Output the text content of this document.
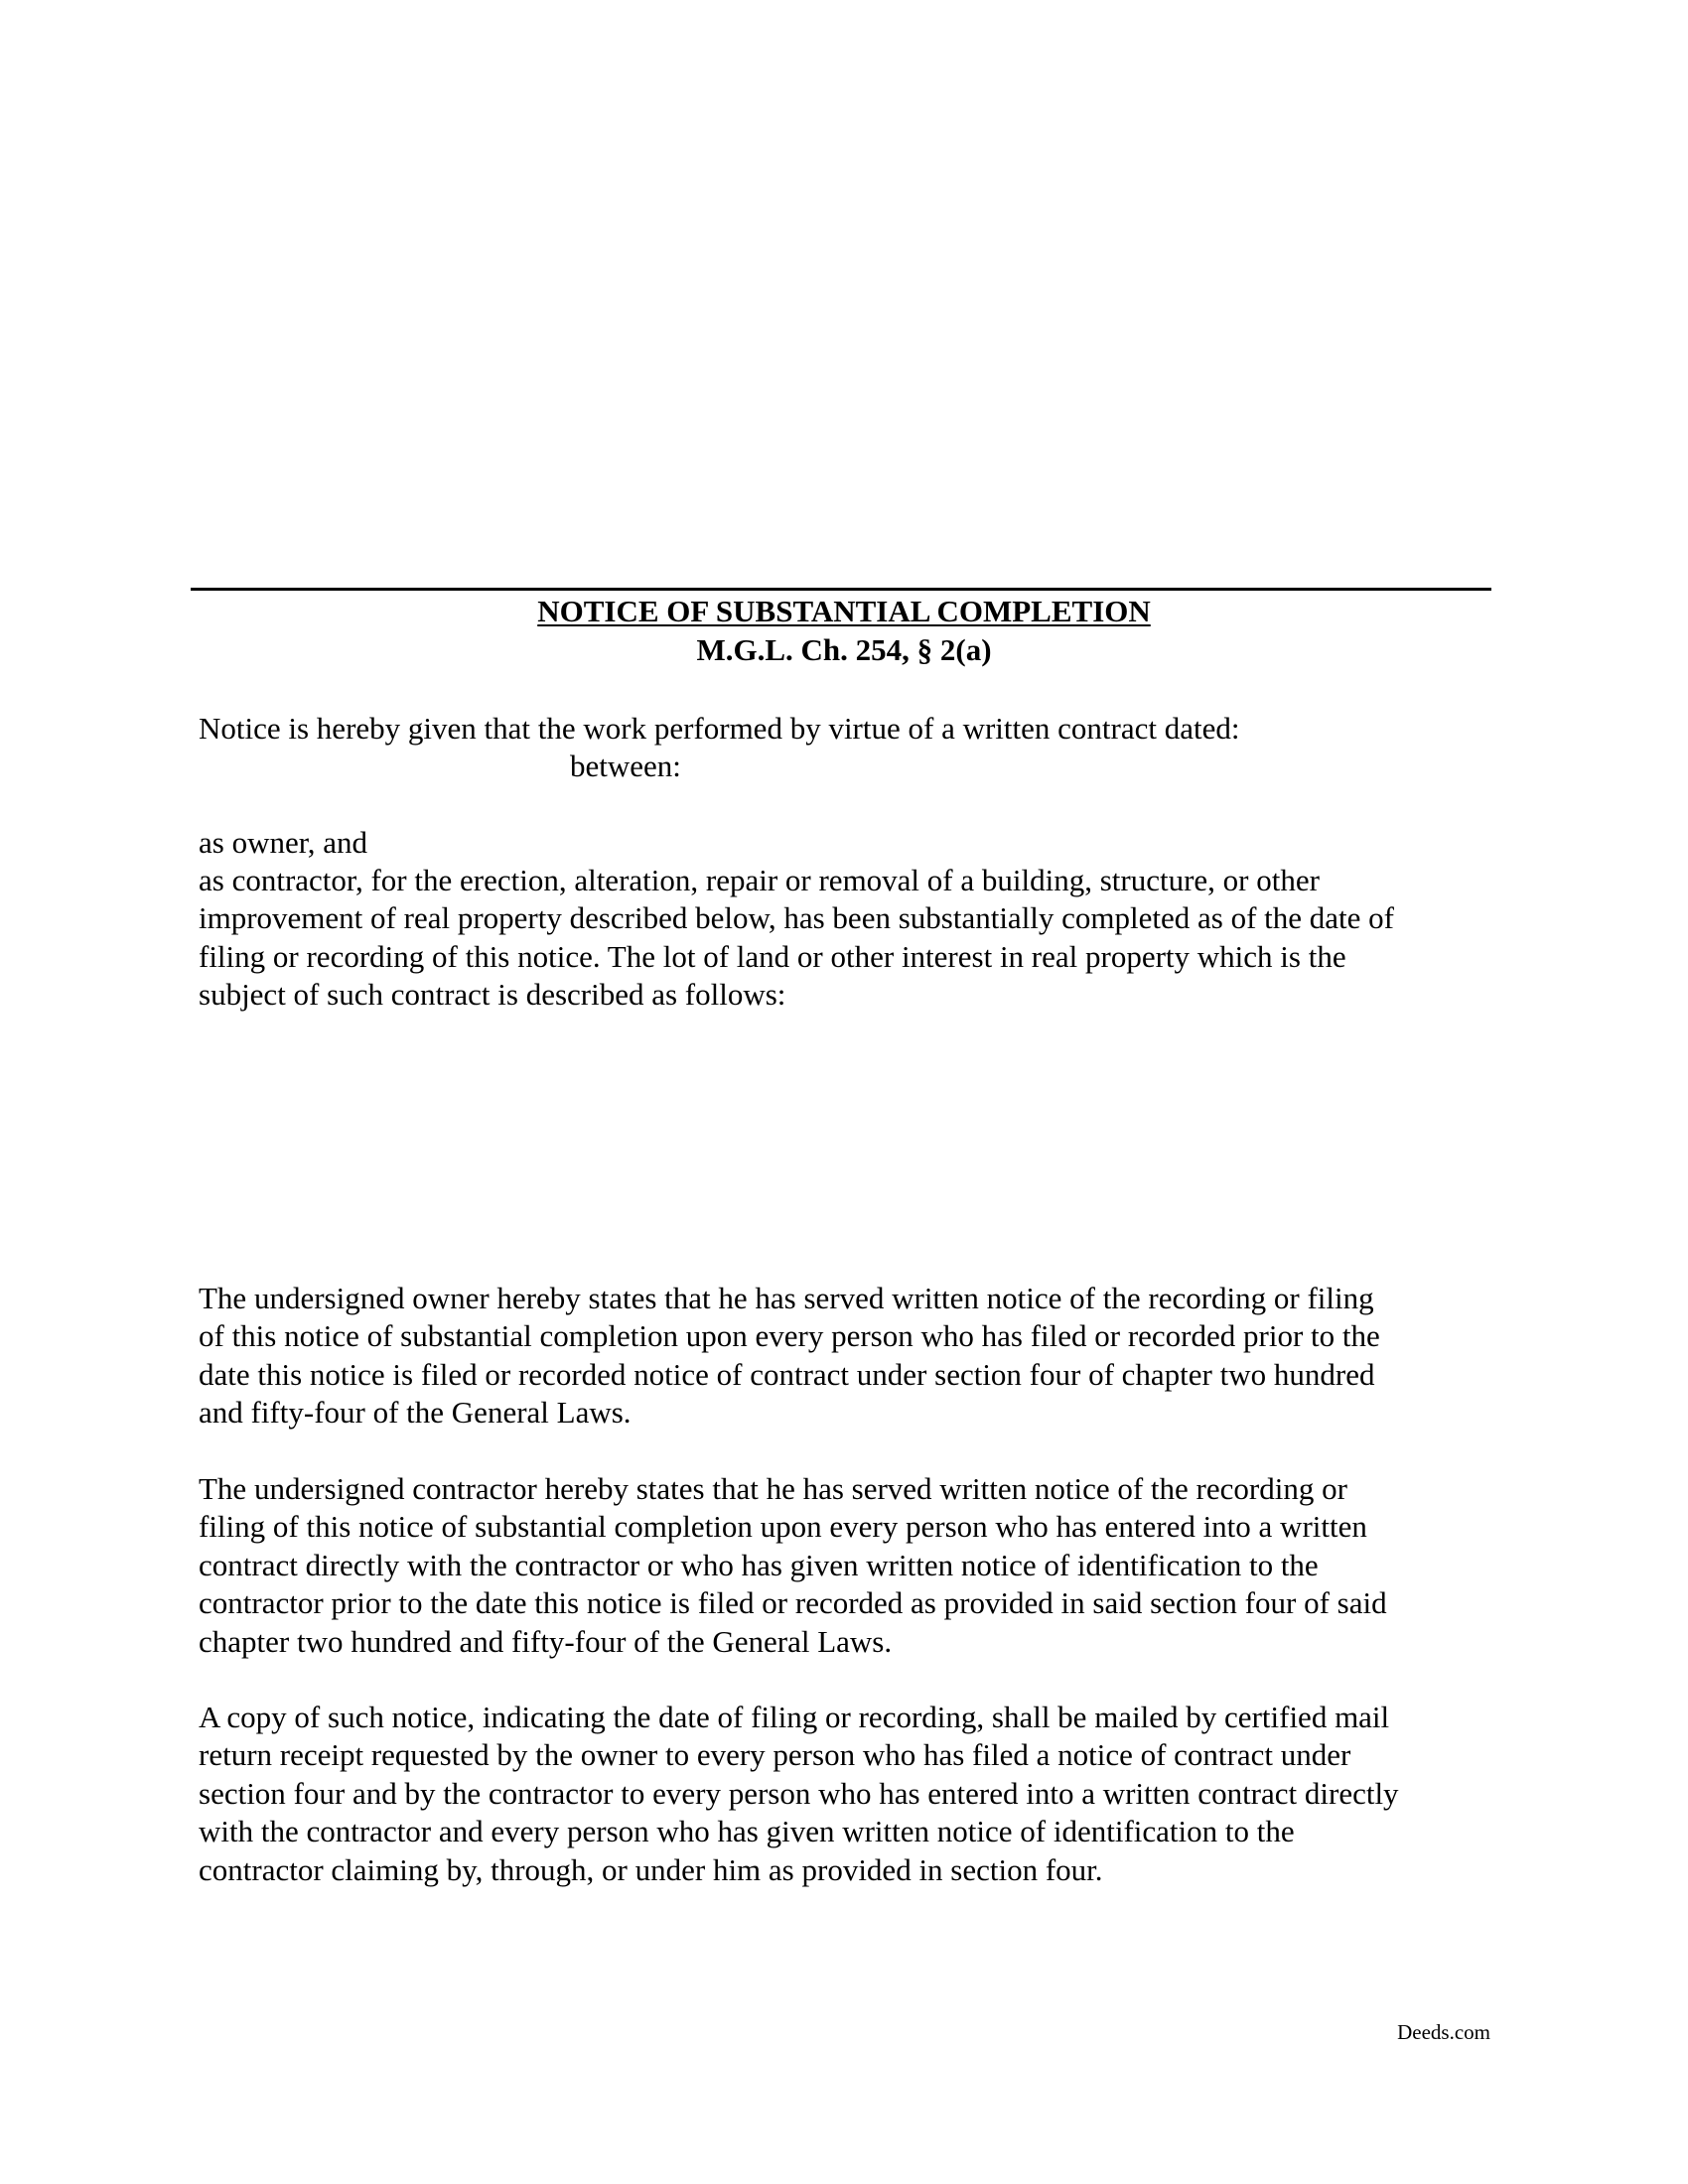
NOTICE OF SUBSTANTIAL COMPLETION
M.G.L. Ch. 254, § 2(a)
Notice is hereby given that the work performed by virtue of a written contract dated:
between:
as owner, and
as contractor, for the erection, alteration, repair or removal of a building, structure, or other
improvement of real property described below, has been substantially completed as of the date of
filing or recording of this notice. The lot of land or other interest in real property which is the
subject of such contract is described as follows:
The undersigned owner hereby states that he has served written notice of the recording or filing
of this notice of substantial completion upon every person who has filed or recorded prior to the
date this notice is filed or recorded notice of contract under section four of chapter two hundred
and fifty-four of the General Laws.
The undersigned contractor hereby states that he has served written notice of the recording or
filing of this notice of substantial completion upon every person who has entered into a written
contract directly with the contractor or who has given written notice of identification to the
contractor prior to the date this notice is filed or recorded as provided in said section four of said
chapter two hundred and fifty-four of the General Laws.
A copy of such notice, indicating the date of filing or recording, shall be mailed by certified mail
return receipt requested by the owner to every person who has filed a notice of contract under
section four and by the contractor to every person who has entered into a written contract directly
with the contractor and every person who has given written notice of identification to the
contractor claiming by, through, or under him as provided in section four.
Deeds.com
